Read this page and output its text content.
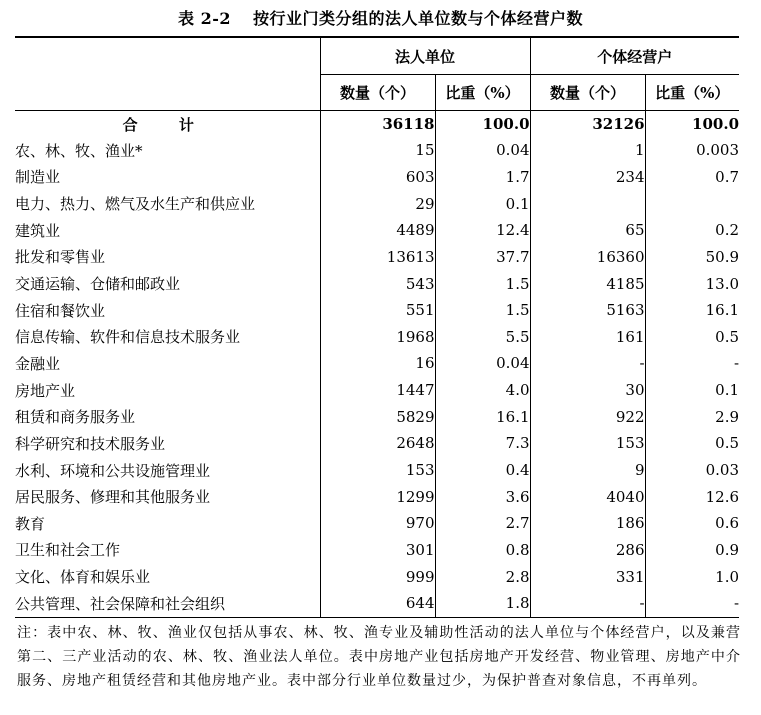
表 2-2 按行业门类分组的法人单位数与个体经营户数
	法人单位		个体经营户	
	数量（个）	比重（%）	数量（个）	比重（%）
合 计	36118	100.0	32126	100.0
农、林、牧、渔业*	15	0.04	1	0.003
制造业	603	1.7	234	0.7
电力、热力、燃气及水生产和供应业	29	0.1		
建筑业	4489	12.4	65	0.2
批发和零售业	13613	37.7	16360	50.9
交通运输、仓储和邮政业	543	1.5	4185	13.0
住宿和餐饮业	551	1.5	5163	16.1
信息传输、软件和信息技术服务业	1968	5.5	161	0.5
金融业	16	0.04	-	-
房地产业	1447	4.0	30	0.1
租赁和商务服务业	5829	16.1	922	2.9
科学研究和技术服务业	2648	7.3	153	0.5
水利、环境和公共设施管理业	153	0.4	9	0.03
居民服务、修理和其他服务业	1299	3.6	4040	12.6
教育	970	2.7	186	0.6
卫生和社会工作	301	0.8	286	0.9
文化、体育和娱乐业	999	2.8	331	1.0
公共管理、社会保障和社会组织	644	1.8	-	-
注：表中农、林、牧、渔业仅包括从事农、林、牧、渔专业及辅助性活动的法人单位与个体经营户，以及兼营第二、三产业活动的农、林、牧、渔业法人单位。表中房地产业包括房地产开发经营、物业管理、房地产中介服务、房地产租赁经营和其他房地产业。表中部分行业单位数量过少，为保护普查对象信息，不再单列。
